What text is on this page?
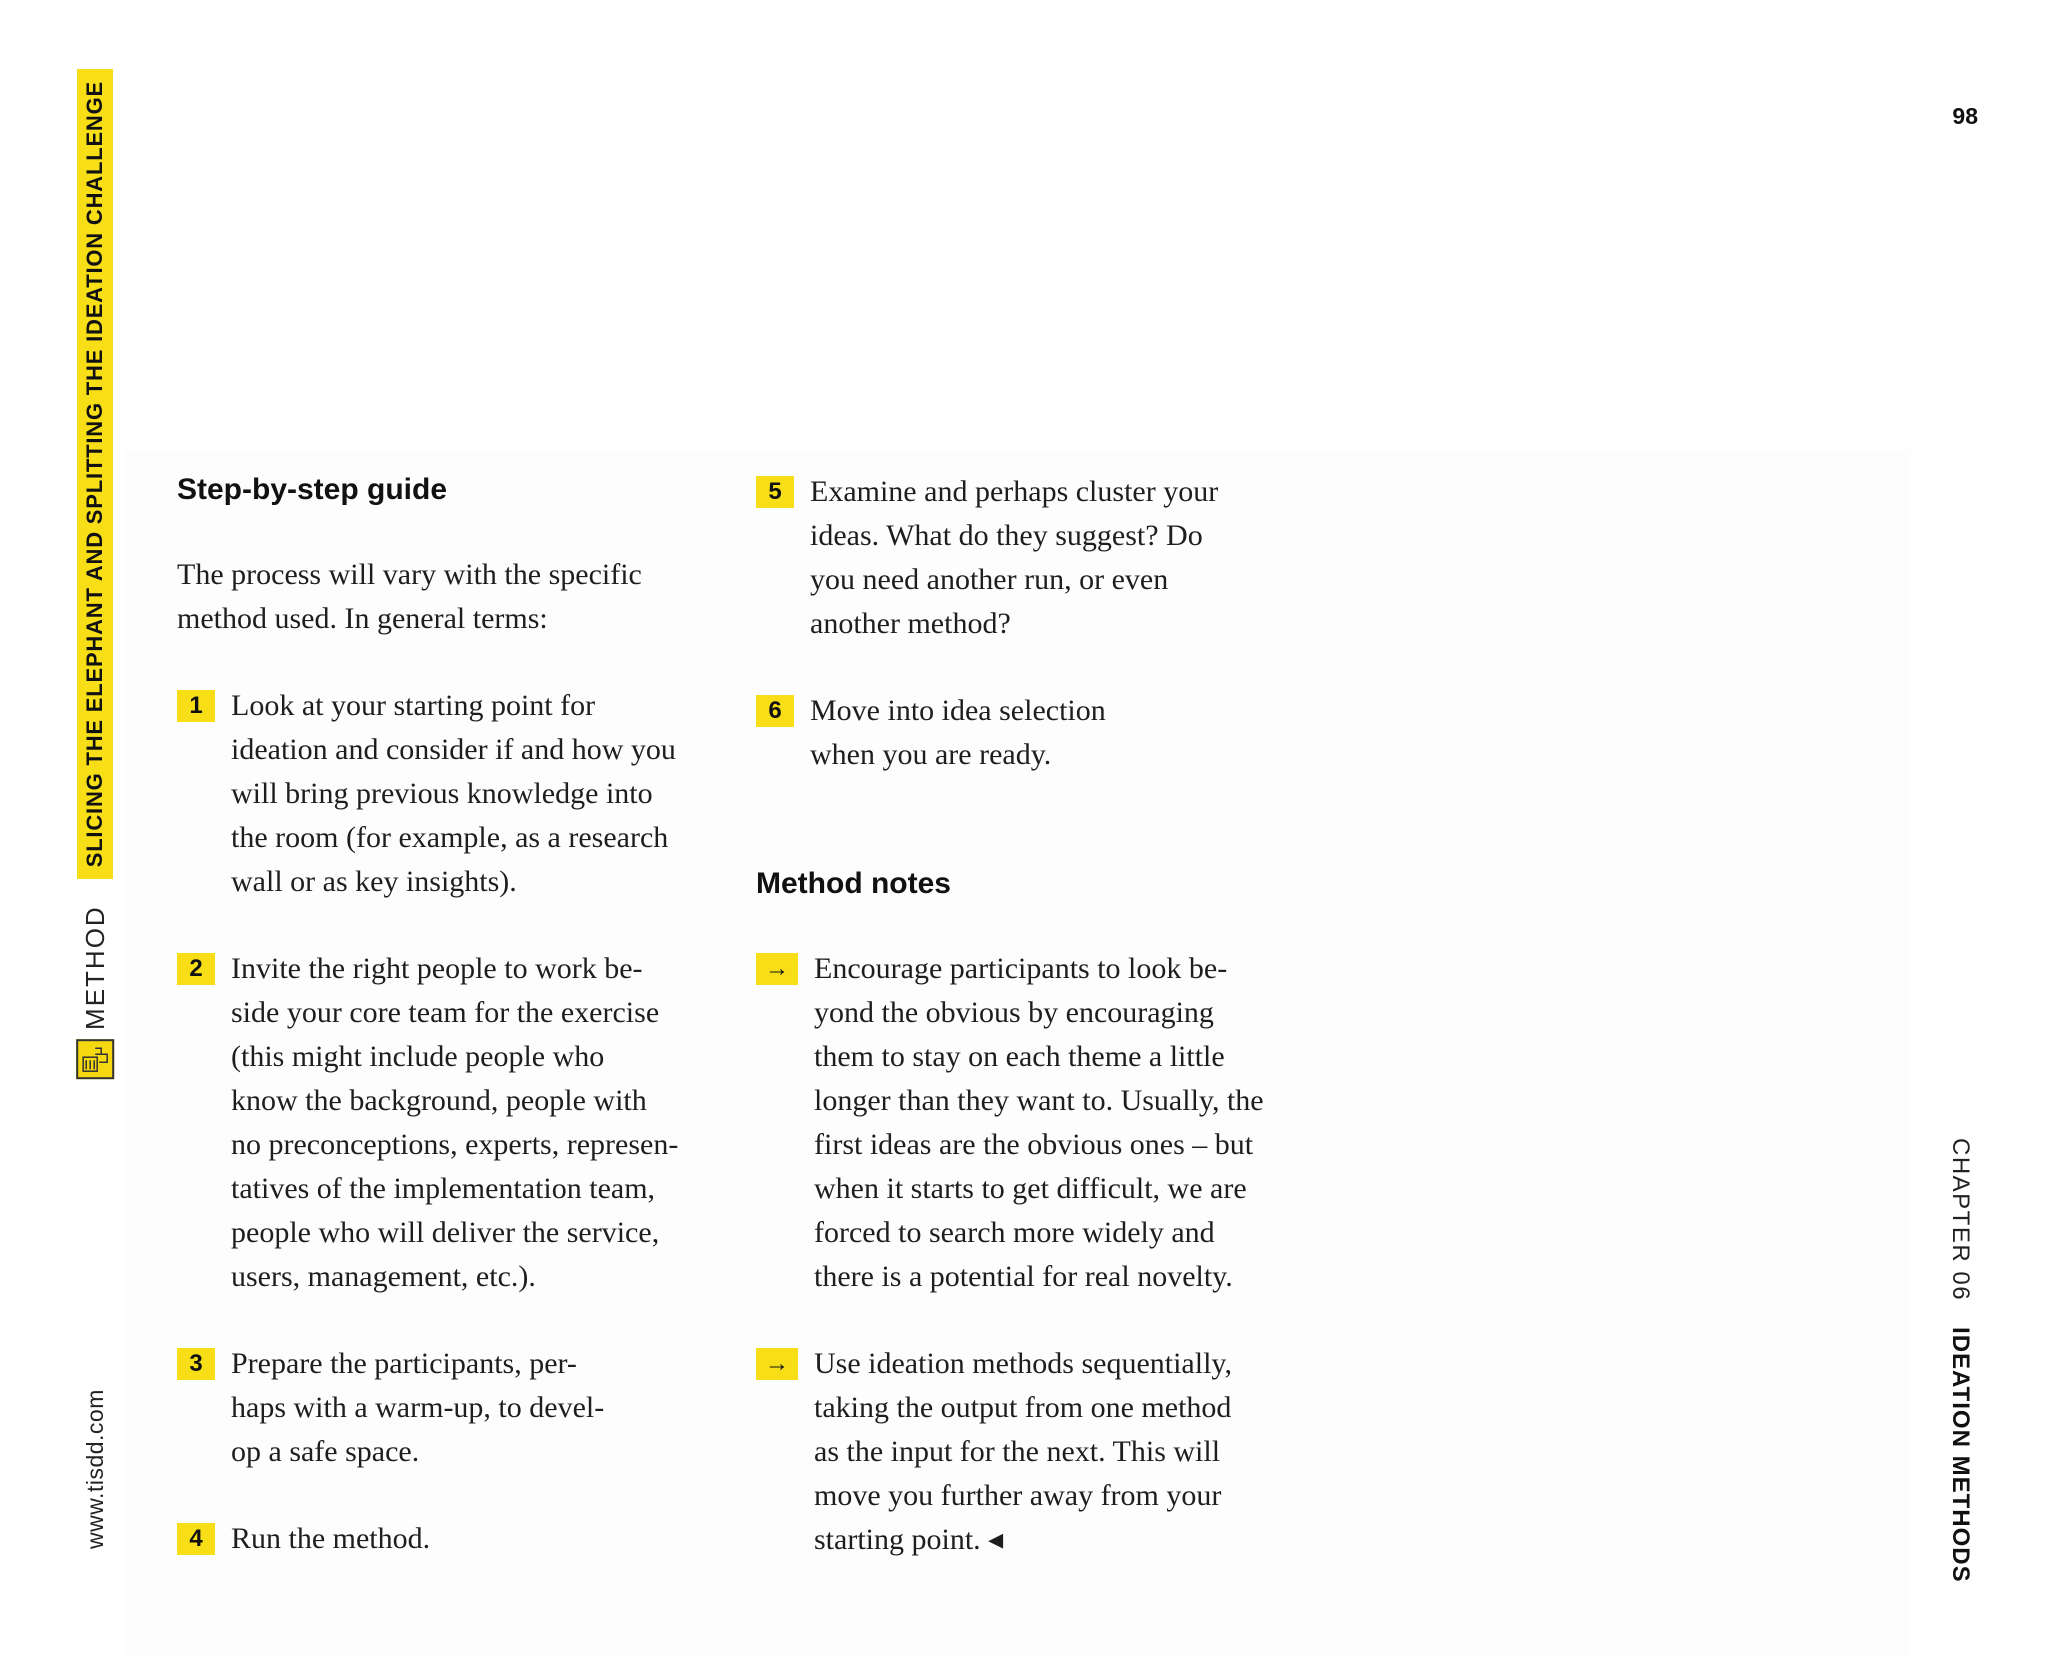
www.tisdd.com
METHOD
SLICING THE ELEPHANT AND SPLITTING THE IDEATION CHALLENGE	98
CHAPTER 06
IDEATION METHODS
Step-by-step guide

The process will vary with the specific method used. In general terms:

1 Look at your starting point for
ideation and consider if and how you
will bring previous knowledge into
the room (for example, as a research
wall or as key insights).
2 Invite the right people to work be-
side your core team for the exercise
(this might include people who
know the background, people with
no preconceptions, experts, represen-
tatives of the implementation team,
people who will deliver the service,
users, management, etc.).
3 Prepare the participants, per-
haps with a warm-up, to devel-
op a safe space.
4 Run the method.
5 Examine and perhaps cluster your
ideas. What do they suggest? Do
you need another run, or even
another method?
6 Move into idea selection
when you are ready.
Method notes
→ Encourage participants to look be-
yond the obvious by encouraging
them to stay on each theme a little
longer than they want to. Usually, the
first ideas are the obvious ones – but
when it starts to get difficult, we are
forced to search more widely and
there is a potential for real novelty.
→ Use ideation methods sequentially,
taking the output from one method
as the input for the next. This will
move you further away from your
starting point. ◂
